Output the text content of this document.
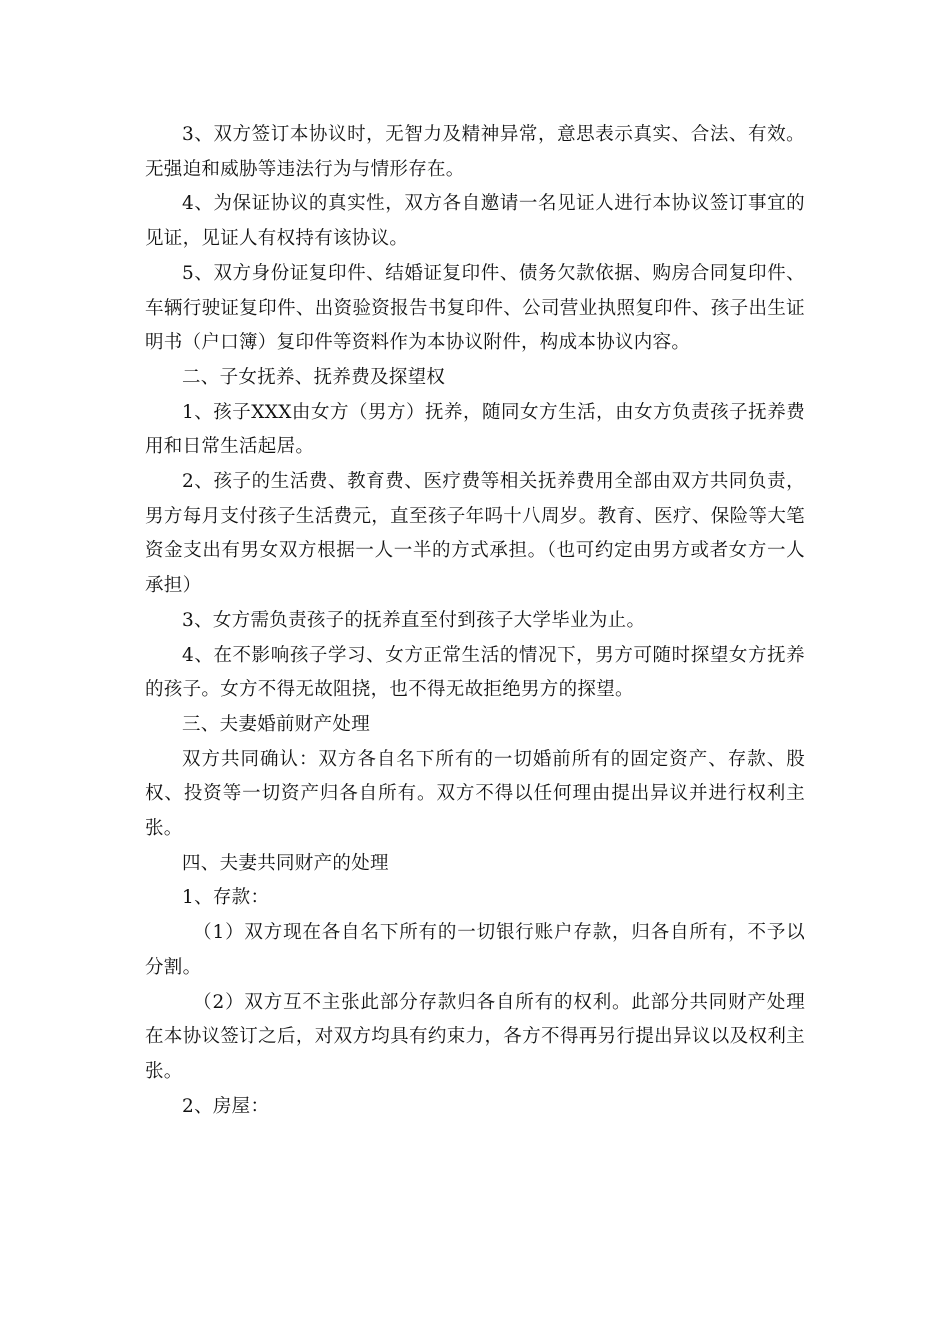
3、双方签订本协议时，无智力及精神异常，意思表示真实、合法、有效。无强迫和威胁等违法行为与情形存在。

4、为保证协议的真实性，双方各自邀请一名见证人进行本协议签订事宜的见证，见证人有权持有该协议。

5、双方身份证复印件、结婚证复印件、债务欠款依据、购房合同复印件、车辆行驶证复印件、出资验资报告书复印件、公司营业执照复印件、孩子出生证明书（户口簿）复印件等资料作为本协议附件，构成本协议内容。

二、子女抚养、抚养费及探望权

1、孩子XXX由女方（男方）抚养，随同女方生活，由女方负责孩子抚养费用和日常生活起居。

2、孩子的生活费、教育费、医疗费等相关抚养费用全部由双方共同负责，男方每月支付孩子生活费元，直至孩子年吗十八周岁。教育、医疗、保险等大笔资金支出有男女双方根据一人一半的方式承担。（也可约定由男方或者女方一人承担）

3、女方需负责孩子的抚养直至付到孩子大学毕业为止。

4、在不影响孩子学习、女方正常生活的情况下，男方可随时探望女方抚养的孩子。女方不得无故阻挠，也不得无故拒绝男方的探望。

三、夫妻婚前财产处理

双方共同确认：双方各自名下所有的一切婚前所有的固定资产、存款、股权、投资等一切资产归各自所有。双方不得以任何理由提出异议并进行权利主张。

四、夫妻共同财产的处理

1、存款：

（1）双方现在各自名下所有的一切银行账户存款，归各自所有，不予以分割。

（2）双方互不主张此部分存款归各自所有的权利。此部分共同财产处理在本协议签订之后，对双方均具有约束力，各方不得再另行提出异议以及权利主张。

2、房屋：
